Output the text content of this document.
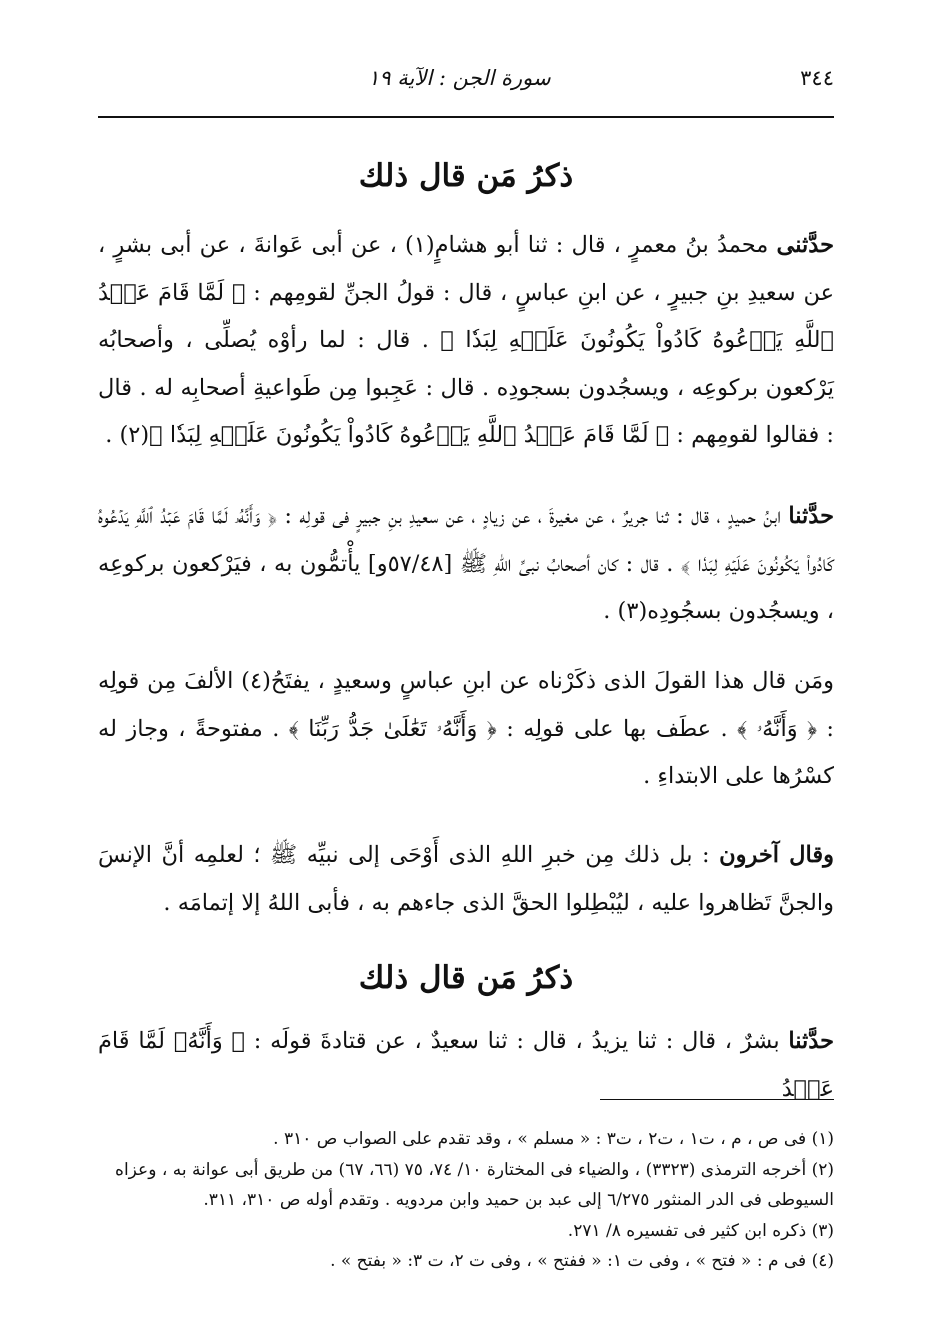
٣٤٤
سورة الجن : الآية ١٩
ذكرُ مَن قال ذلك

حدَّثنى محمدُ بنُ معمرٍ ، قال : ثنا أبو هشامٍ(١) ، عن أبى عَوانةَ ، عن أبى بشرٍ ، عن سعيدِ بنِ جبيرٍ ، عن ابنِ عباسٍ ، قال : قولُ الجنِّ لقومِهم : ﴿ لَمَّا قَامَ عَبۡدُ ٱللَّهِ يَدۡعُوهُ كَادُواْ يَكُونُونَ عَلَيۡهِ لِبَدٗا ﴾ . قال : لما رأوْه يُصلِّى ، وأصحابُه يَرْكعون بركوعِه ، ويسجُدون بسجودِه . قال : عَجِبوا مِن طَواعيةِ أصحابِه له . قال : فقالوا لقومِهم : ﴿ لَمَّا قَامَ عَبۡدُ ٱللَّهِ يَدۡعُوهُ كَادُواْ يَكُونُونَ عَلَيۡهِ لِبَدٗا ﴾(٢) .

حدَّثنا ابنُ حميدٍ ، قال : ثنا جريرٌ ، عن مغيرةَ ، عن زيادٍ ، عن سعيدِ بنِ جبيرٍ فى قولِه : ﴿ وَأَنَّهُۥ لَمَّا قَامَ عَبۡدُ ٱللَّهِ يَدۡعُوهُ كَادُواْ يَكُونُونَ عَلَيۡهِ لِبَدٗا ﴾ . قال : كان أصحابُ نبىِّ اللهِ ﷺ [٥٧/٤٨و] يأْتمُّون به ، فيَرْكعون بركوعِه ، ويسجُدون بسجُودِه(٣) .

ومَن قال هذا القولَ الذى ذكَرْناه عن ابنِ عباسٍ وسعيدٍ ، يفتَحُ(٤) الألفَ مِن قولِه : ﴿ وَأَنَّهُۥ ﴾ . عطَف بها على قولِه : ﴿ وَأَنَّهُۥ تَعَٰلَىٰ جَدُّ رَبِّنَا ﴾ . مفتوحةً ، وجاز له كسْرُها على الابتداءِ .

وقال آخرون : بل ذلك مِن خبرِ اللهِ الذى أَوْحَى إلى نبيِّه ﷺ ؛ لعلمِه أنَّ الإنسَ والجنَّ تَظاهروا عليه ، ليُبْطِلوا الحقَّ الذى جاءهم به ، فأبى اللهُ إلا إتمامَه .

ذكرُ مَن قال ذلك

حدَّثنا بشرٌ ، قال : ثنا يزيدُ ، قال : ثنا سعيدٌ ، عن قتادةَ قولَه : ﴿ وَأَنَّهُۥ لَمَّا قَامَ عَبۡدُ

(١) فى ص ، م ، ت١ ، ت٢ ، ت٣ : « مسلم » ، وقد تقدم على الصواب ص ٣١٠ .

(٢) أخرجه الترمذى (٣٣٢٣) ، والضياء فى المختارة ١٠/ ٧٤، ٧٥ (٦٦، ٦٧) من طريق أبى عوانة به ، وعزاه السيوطى فى الدر المنثور ٦/٢٧٥ إلى عبد بن حميد وابن مردويه . وتقدم أوله ص ٣١٠، ٣١١.

(٣) ذكره ابن كثير فى تفسيره ٨/ ٢٧١.

(٤) فى م : « فتح » ، وفى ت ١: « ففتح » ، وفى ت ٢، ت ٣: « بفتح » .
